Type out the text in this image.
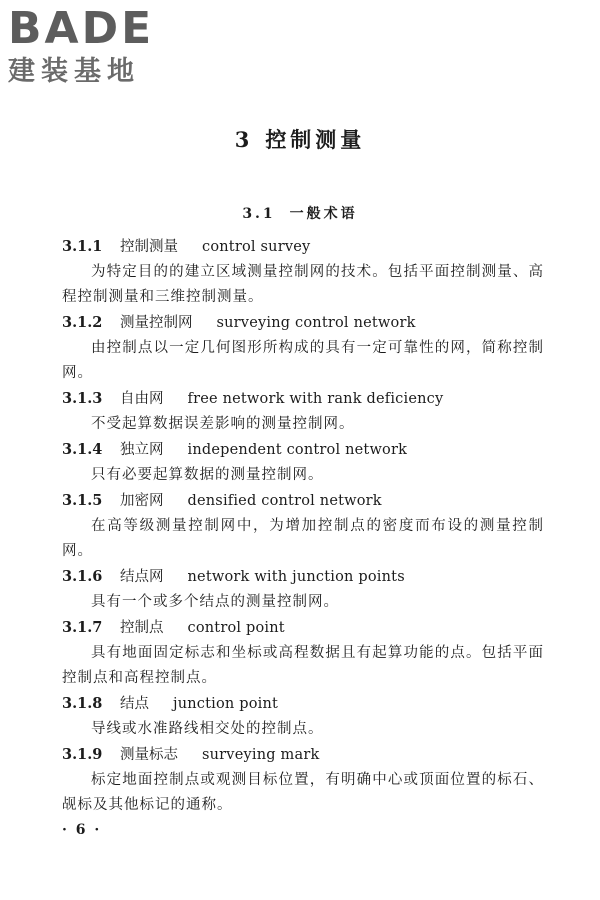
BADE
建装基地
3 控制测量
3.1 一般术语
3.1.1 控制测量 control survey

为特定目的的建立区域测量控制网的技术。包括平面控制测量、高程控制测量和三维控制测量。

3.1.2 测量控制网 surveying control network

由控制点以一定几何图形所构成的具有一定可靠性的网，简称控制网。

3.1.3 自由网 free network with rank deficiency

不受起算数据误差影响的测量控制网。

3.1.4 独立网 independent control network

只有必要起算数据的测量控制网。

3.1.5 加密网 densified control network

在高等级测量控制网中，为增加控制点的密度而布设的测量控制网。

3.1.6 结点网 network with junction points

具有一个或多个结点的测量控制网。

3.1.7 控制点 control point

具有地面固定标志和坐标或高程数据且有起算功能的点。包括平面控制点和高程控制点。

3.1.8 结点 junction point

导线或水准路线相交处的控制点。

3.1.9 测量标志 surveying mark

标定地面控制点或观测目标位置，有明确中心或顶面位置的标石、觇标及其他标记的通称。

· 6 ·
